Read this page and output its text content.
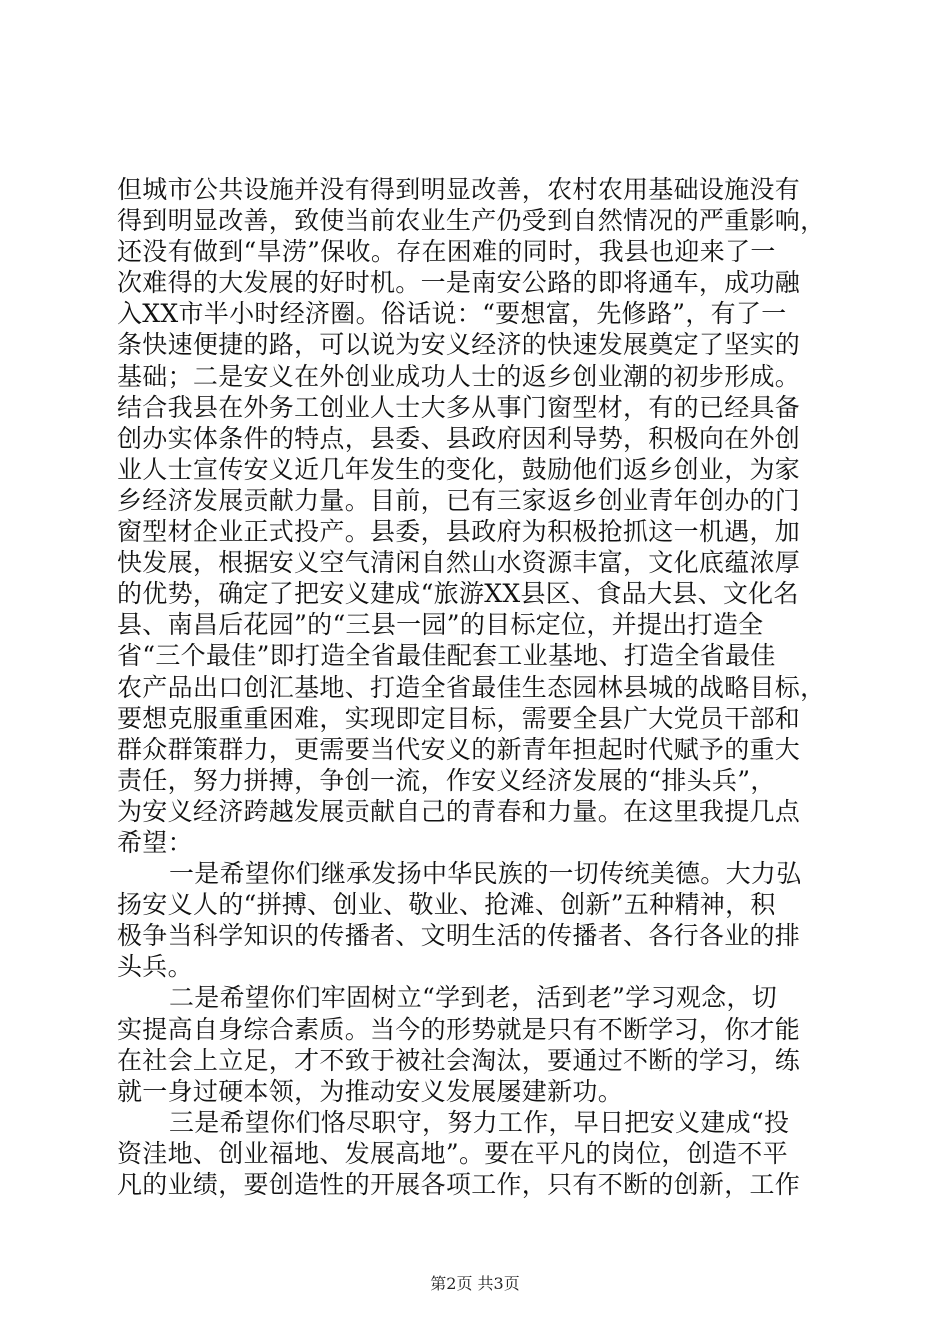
但城市公共设施并没有得到明显改善，农村农用基础设施没有
得到明显改善，致使当前农业生产仍受到自然情况的严重影响，
还没有做到“旱涝”保收。存在困难的同时，我县也迎来了一
次难得的大发展的好时机。一是南安公路的即将通车，成功融
入XX市半小时经济圈。俗话说：“要想富，先修路”，有了一
条快速便捷的路，可以说为安义经济的快速发展奠定了坚实的
基础；二是安义在外创业成功人士的返乡创业潮的初步形成。
结合我县在外务工创业人士大多从事门窗型材，有的已经具备
创办实体条件的特点，县委、县政府因利导势，积极向在外创
业人士宣传安义近几年发生的变化，鼓励他们返乡创业，为家
乡经济发展贡献力量。目前，已有三家返乡创业青年创办的门
窗型材企业正式投产。县委，县政府为积极抢抓这一机遇，加
快发展，根据安义空气清闲自然山水资源丰富，文化底蕴浓厚
的优势，确定了把安义建成“旅游XX县区、食品大县、文化名
县、南昌后花园”的“三县一园”的目标定位，并提出打造全
省“三个最佳”即打造全省最佳配套工业基地、打造全省最佳
农产品出口创汇基地、打造全省最佳生态园林县城的战略目标，
要想克服重重困难，实现即定目标，需要全县广大党员干部和
群众群策群力，更需要当代安义的新青年担起时代赋予的重大
责任，努力拼搏，争创一流，作安义经济发展的“排头兵”，
为安义经济跨越发展贡献自己的青春和力量。在这里我提几点
希望：
一是希望你们继承发扬中华民族的一切传统美德。大力弘
扬安义人的“拼搏、创业、敬业、抢滩、创新”五种精神，积
极争当科学知识的传播者、文明生活的传播者、各行各业的排
头兵。
二是希望你们牢固树立“学到老，活到老”学习观念，切
实提高自身综合素质。当今的形势就是只有不断学习，你才能
在社会上立足，才不致于被社会淘汰，要通过不断的学习，练
就一身过硬本领，为推动安义发展屡建新功。
三是希望你们恪尽职守，努力工作，早日把安义建成“投
资洼地、创业福地、发展高地”。要在平凡的岗位，创造不平
凡的业绩，要创造性的开展各项工作，只有不断的创新，工作
第2页 共3页
